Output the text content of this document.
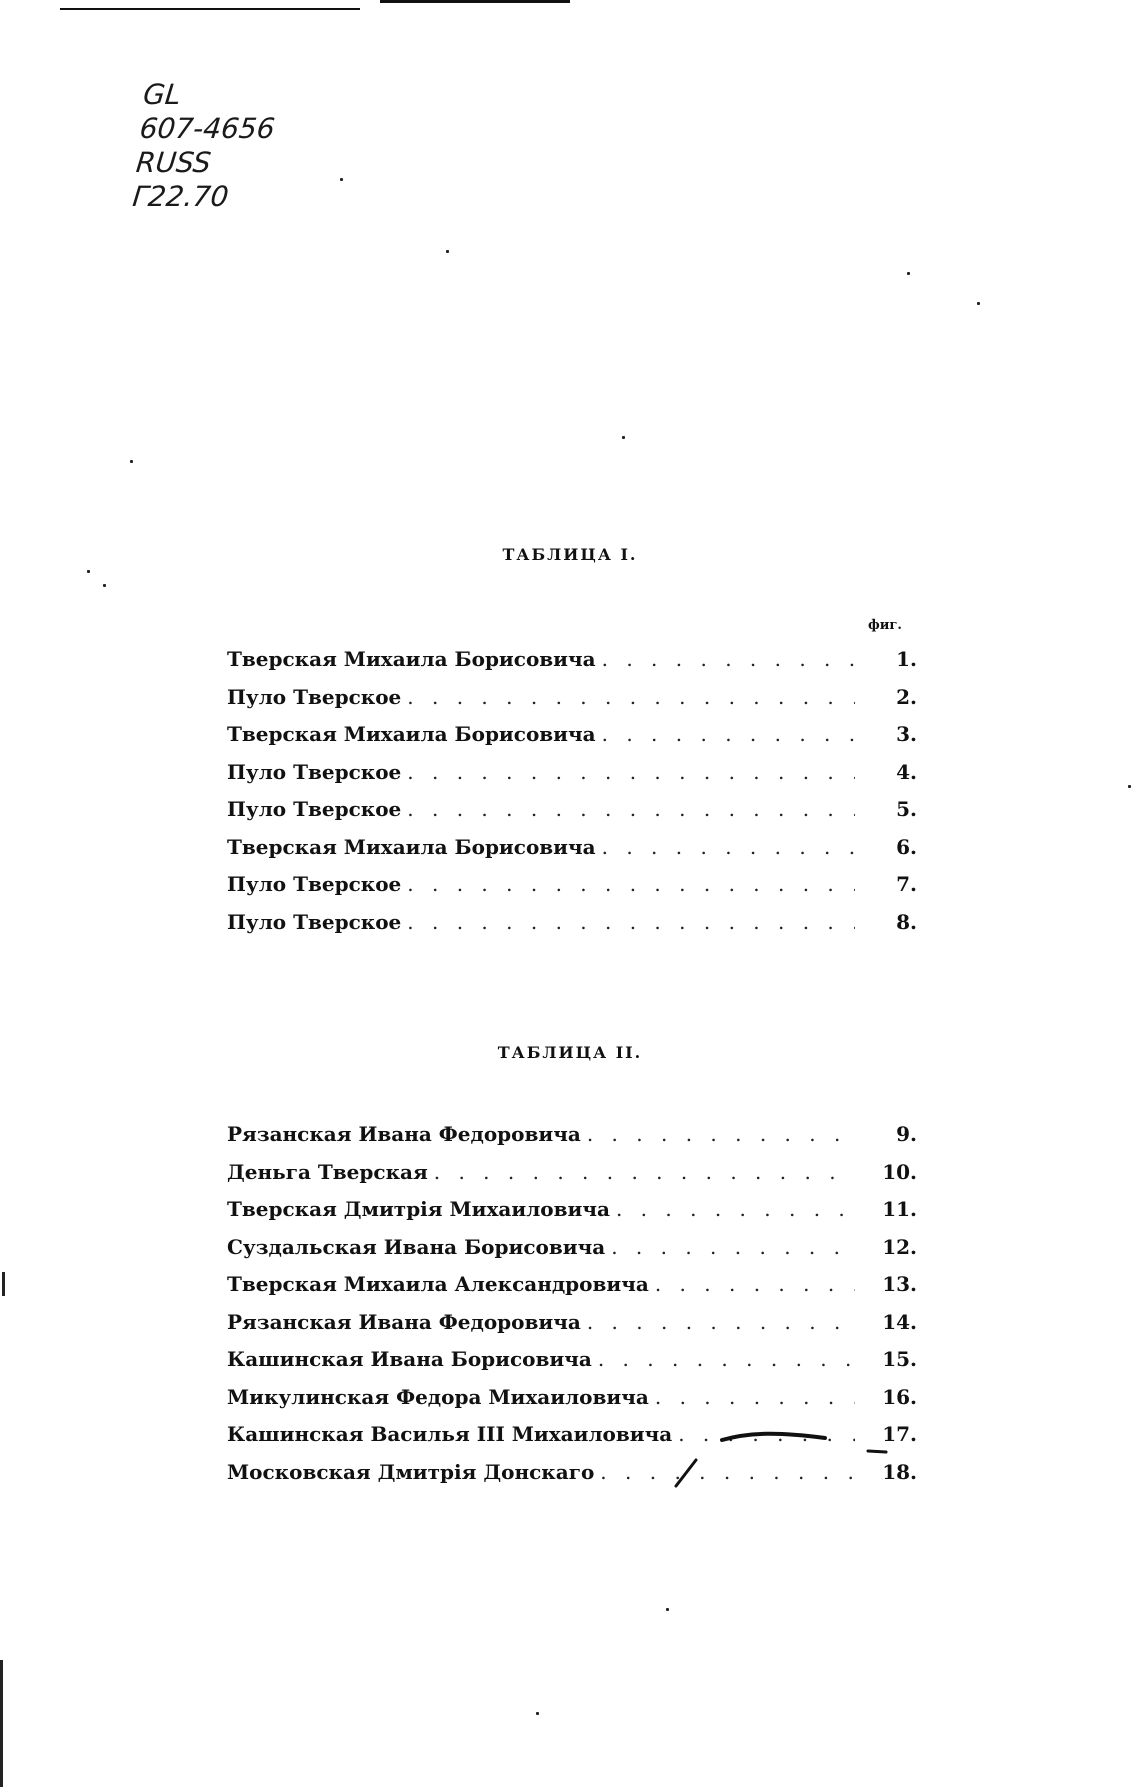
GL
607-4656
RUSS
Г22.70
ТАБЛИЦА I.
фиг.
Тверская Михаила Борисовича . . .	1.
Пуло Тверское . . .	2.
Тверская Михаила Борисовича . . .	3.
Пуло Тверское . . .	4.
Пуло Тверское . . .	5.
Тверская Михаила Борисовича . . .	6.
Пуло Тверское . . .	7.
Пуло Тверское . . .	8.
ТАБЛИЦА II.
Рязанская Ивана Федоровича . . .	9.
Деньга Тверская . . .	10.
Тверская Дмитрія Михаиловича . . .	11.
Суздальская Ивана Борисовича . . .	12.
Тверская Михаила Александровича . . .	13.
Рязанская Ивана Федоровича . . .	14.
Кашинская Ивана Борисовича . . .	15.
Микулинская Федора Михаиловича . . .	16.
Кашинская Василья III Михаиловича . . .	17.
Московская Дмитрія Донскаго . . .	18.
